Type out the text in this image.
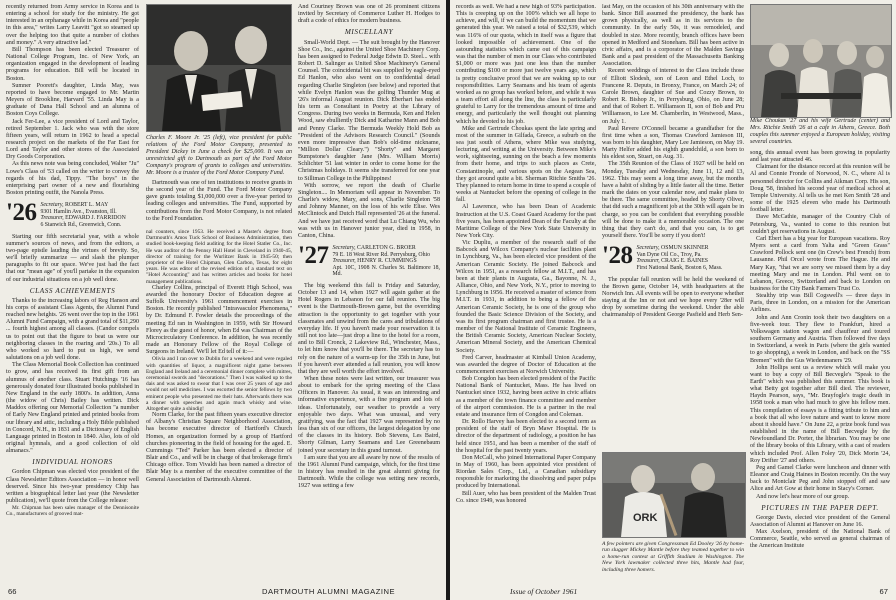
recently returned from Army service in Korea and is entering a school for study for the ministry. He got interested in an orphanage while in Korea and "people in this area," writes Larry Leavitt "got so steamed up over the helping too that quite a number of clothes and money." A very attractive lad."

Bill Thompson has been elected Treasurer of National College Program, Inc. of New York, an organization engaged in the development of leading programs for education. Bill will be located in Boston.

Sumner Poorett's daughter, Linda May, was reported to have become engaged to Mr. Martin Meyers of Brookline, Harvard '55. Linda May is a graduate of Dana Hall School and an alumna of Boston Coys College.

Jack Fer-Lee, a vice president of Lord and Taylor, retired September 1. Jack who was with the store fifteen years, will return in 1962 to head a special research project on the markets of the Far East for Lord and Taylor and other stores of the Associated Dry Goods Corporation.

As this news note was being concluded, Walter "Ju" Lowe's Class of '53 called on the writer to convey the regards of his dad, Tippy. "The boys" in the enterprising part owner of a new and flourishing Boston printing outfit, the Nanola Press.

'26 Secretary, ROBERT L. MAY
9301 Hamlin Ave., Evanston, Ill.
Treasurer, EDWARD J. FARRIDON
6 Stanwich Rd., Greenwich, Conn.

Starting our fifth secretarial year, with a whole summer's sources of news, and from the editors, a two-page epistle lauding the virtues of brevity. So, we'll briefly summarize — and slash the plumper paragraphs to fit our space. We've just had the fact that our "mean age" of you'll partake in the expansion of our industrial situations on a job well done.

CLASS ACHIEVEMENTS

Thanks to the increasing labors of Reg Hanson and his corps of assistant Class Agents, the Alumni Fund reached new heights. '26 went over the top in the 1961 Alumni Fund Campaign, with a grand total of $11,290 ... fourth highest among all classes. (Candor compels us to point out that the figure to beat us were our neighboring classes in the roaring and '20s.) To all who worked so hard to put us high, we send salutations on a job well done.

The Class Memorial Book Collection has continued to grow, and has received its first gift from an alumnus of another class. Stuart Hutchings '16 has generously donated four illustrated books published in New England in the early 1800's. In addition, Anna (the widow of Chris) Bailey has written. Dick Maddox offering our Memorial Collection "a number of Early New England printed and printed books from our library and attic, including a Holy Bible published in Concord, N.H., in 1831 and a Dictionary of English Language printed in Boston in 1840. Also, lots of old original hymnals, and a good collection of old almanacs."

INDIVIDUAL HONORS

Gordon Chipman was elected vice president of the Class Newsletter Editors Association — in honor well deserved. Since his two-year presidency Chip has written a biographical letter last year (the Newsletter publication), we'll quote from the College release:

Mr. Chipman has been sales manager of the Dennisonite Co., manufacturers of grooved mat-

Charles F. Moore Jr. '25 (left), vice president for public relations of the Ford Motor Company, presented to President Dickey in June a check for $25,000. It was an unrestricted gift to Dartmouth as part of the Ford Motor Company's program of grants to colleges and universities. Mr. Moore is a trustee of the Ford Motor Company Fund.

Dartmouth was one of ten institutions to receive grants in the second year of the Fund. The Ford Motor Company gave grants totaling $1,000,000 over a five-year period to leading colleges and universities. The Fund, supported by contributions from the Ford Motor Company, is not related to the Ford Foundation.

nal counters, since 1953. He received a Master's degree from Dartmouth's Amos Tuck School of Business Administration, then studied book-keeping field auditing for the Hotel Statler Co., Inc. He was auditor of the Pennsy Hall Hotel in Cleveland in 1940-45, director of training for the Wurlitzer Bank in 1945-50; then proprietor of the Hotel Chipman, Glen Carbon, Texas, for eight years. He was editor of the revised edition of a standard text on "Hotel Accounting" and has written articles and books for hotel management publications.

Charley Collins, principal of Everett High School, was awarded the honorary Doctor of Education degree at Suffolk University's 1961 commencement exercises in Boston. He recently published "Intravasculor Phenomena," by Dr. Edmund F. Fowler details the proceedings of the meeting Ed ran in Washington in 1959, with Sir Howard Florey as the guest of honor, when Ed was Chairman of the Microcirculatory Conference. In addition, he was recently made an Honorary Fellow of the Royal College of Surgeons in Ireland. We'll let Ed tell of it:—

Olivia and I ran over to Dublin for a weekend and were regaled with quantities of liquor, a magnificent night game between England and Ireland and a ceremonial dinner complete with mitres, ceremonial swords and "decorations." Then I was walked up to the dais and was asked to swear that I was over 25 years of age and would not sell medicines. I was escorted the senior fellows by two eminent people who presented me their hats. Afterwards there was a dinner with speeches and again much whisky and wine. Altogether quite a shindig!

Norm Clarke, for the past fifteen years executive director of Albany's Christian Square Neighborhood Association, has become executive director of Hartford's Church Homes, an organization formed by a group of Hartford churches pioneering in the field of housing for the aged. E. Cummings "Ted" Parker has been elected a director of Blair and Co., and will be in charge of that brokerage firm's Chicago office. Tom Vivaldi has been named a director of Blair May is a member of the executive committee of the General Association of Dartmouth Alumni.

And Courtney Brown was one of 26 prominent citizens invited by Secretary of Commerce Luther H. Hodges to draft a code of ethics for modern business.

MISCELLANY

Small-World Dept. — The suit brought by the Hanover Shoe Co., Inc., against the United Shoe Machinery Corp. has been assigned to Federal Judge Edwin D. Steel... with Robert D. Salinger as United Shoe Machinery's General Counsel. The coincidental bit was supplied by eagle-eyed Ed Hanlon, who also went on to confidential detail regarding Charlie Singleton (see below) and reported that while Evelyn Hanlon was the golfing Thunder Mug at '26's informal August reunion. Dick Eberhart has ended his term as Consultant in Poetry at the Library of Congress. During two weeks in Bermuda, Ken and Helen Wood, saw ebulliently Dick and Katharine Mann and Bob and Penny Clarke. The Bermuda Weekly Hold Bob as "President of the Advisors Research Council." (Sounds even more impressive than Bob's old-time nickname, "Million Dollar Cleary.") "Shorty" and Margaret Bumpstone's daughter Jane (Mrs. William Morris) Schlichter '51 last winter in order to come home for the Christmas holidays. It seems she transferred for one year to Silliman College in the Philippines!

With sorrow, we report the death of Charlie Singleton.... In Memoriam will appear in November. To Charlie's widow, Mary, and sons, Charlie Singleton '58 and Johnny Manner, on the loss of his wife Elise. Wes McClintock and Dutch Hall represented '26 at the funeral. And we have just received word that Lu Chiang Wu, who was with us in Hanover junior year, died in 1958, in Canton, China.

'27 Secretary, CARLETON G. BROER
79 E. 18 West River Rd. Perrysburg, Ohio
Treasurer, HENRY R. CUMMINGS
Apt. 10C, 1908 N. Charles St. Baltimore 18, Md.

The big weekend this fall is Friday and Saturday, October 13 and 14, when 1927 will again gather at the Hotel Rogers in Lebanon for our fall reunion. The big event is the Dartmouth-Brown game, but the overriding attraction is the opportunity to get together with your classmates and unwind from the cares and tribulations of everyday life. If you haven't made your reservation it is still not too late—just drop a line to the hotel for a room, and to Bill Cronck, 2 Lakeview Rd., Winchester, Mass., to let him know that you'll be there. The secretary has to rely on the nature of a warm-up for the 35th in June, but if you haven't ever attended a fall reunion, you will know that they are well worth the effort involved.

When these notes were last written, our treasurer was about to embark for the spring meeting of the Class Officers in Hanover. As usual, it was an interesting and informative experience, with a fine program and lots of ideas. Unfortunately, our weather to provide a very enjoyable two days. What was unusual, and very gratifying, was the fact that 1927 was represented by no less than six of our officers, the largest delegation by one of the classes in its history. Bob Stevens, Les Baird, Shorty Gilman, Larry Seamans and Lee Greenebaum joined your secretary in this grand turnout.

I am sure that you are all aware by now of the results of the 1961 Alumni Fund campaign, which, for the first time in history has resulted in the great alumni giving for Dartmouth. While the college was setting new records, 1927 was setting a few

66	DARTMOUTH ALUMNI MAGAZINE

records as well. We had a new high of 93% participation. This is creeping up on the 100% which we all hope to achieve, and will, if we can build the momentum that we generated this year. We raised a total of $32,539, which was 116% of our quota, which in itself was a figure that looked impossible of achievement. One of the astounding statistics which came out of this campaign was that the number of men in our Class who contributed $1,000 or more was just one less than the number contributing $100 or more just twelve years ago, which is pretty conclusive proof that we are waking up to our responsibilities. Larry Seamans and his team of agents worked as no group has worked before, and while it was a team effort all along the line, the class is particularly grateful to Larry for the tremendous amount of time and energy, and particularly the well thought out planning which he devoted to his job.

Mike and Gertrude Choukas spent the late spring and most of the summer in Gilfada, Greece, a suburb on the sea just south of Athens, where Mike was studying, lecturing, and writing at the University. Between Mike's work, sightseeing, sunning on the beach a few moments from their home, and trips to such places as Crete, Constantinople, and various spots on the Aegean Sea, they got around quite a bit. Sherman Ritchie Smiths '26. They planned to return home in time to spend a couple of weeks at Nantucket before the opening of college in the fall.

Al Lawrence, who has been Dean of Academic Instruction at the U.S. Coast Guard Academy for the past five years, has been appointed Dean of the Faculty at the Maritime College of the New York State University in New York City.

Vic Dupliu, a member of the research staff of the Babcock and Wilcox Company's nuclear facilities plant in Lynchburg, Va., has been elected vice president of the American Ceramic Society. He joined Babcock and Wilcox in 1951, as a research fellow at M.I.T., and has been at their plants in Augusta, Ga., Bayonne, N. J., Alliance, Ohio, and New York, N.Y., prior to moving to Lynchburg in 1956. He received a master of science from M.I.T. in 1931, in addition to being a fellow of the American Ceramic Society, he is one of the group who founded the Basic Science Division of the Society, and was its first program chairman and first trustee. He is a member of the National Institute of Ceramic Engineers, the British Ceramic Society, American Nuclear Society, American Mineral Society, and the American Chemical Society.

Fred Carver, headmaster at Kimball Union Academy, was awarded the degree of Doctor of Education at the commencement exercises at Norwich University.

Bob Congdon has been elected president of the Pacific National Bank of Nantucket, Mass. He has lived on Nantucket since 1932, having been active in civic affairs as a member of the town finance committee and member of the airport commission. He is a partner in the real estate and insurance firm of Congdon and Coleman.

Dr. Rollo Harvey has been elected to a second term as president of the staff of Bryn Mawr Hospital. He is director of the department of radiology, a position he has held since 1951, and has been a member of the staff of the hospital for the past twenty years.

Don McCall, who joined International Paper Company in May of 1960, has been appointed vice president of Riordan Sales Corp., Ltd., a Canadian subsidiary responsible for marketing the dissolving and paper pulps produced by International.

Bill Auer, who has been president of the Malden Trust Co. since 1949, was honored

last May, on the occasion of his 30th anniversary with the bank. Since Bill assumed the presidency, the bank has grown physically, as well as in its services to the community. In the early 50s, it was remodeled, and doubled in size. More recently, branch offices have been opened in Medford and Stoneham. Bill has been active in civic affairs, and is a corporator of the Malden Savings Bank and a past president of the Massachusetts Banking Association.

Recent weddings of interest to the Class include those of Elliott Slodesh, son of Leon and Ethel Loch, to Francene R. Deputs, in Bronxy, France, on March 24; of Carole Brown, daughter of Sue and Cozzy Brown, to Robert R. Bishop Jr., in Perrysburg, Ohio, on June 28; and that of Robert E. Williamson II, son of Bob and Pru Williamson, to Lee M. Chamberlin, in Westwood, Mass., on July 1.

Paul Revere O'Connell became a grandfather for the first time when a son, Thomas Crawford Jamieson III, was born to his daughter, Mary Lee Jamieson, on May 19. Marty Helfer added his eighth grandchild, a son born to his eldest son, Stuart, on Aug. 31.

The 35th Reunion of the Class of 1927 will be held on Monday, Tuesday and Wednesday, June 11, 12 and 13, 1962. This may seem a long time away, but the months have a habit of sliding by a little faster all the time. Better mark the dates on your calendar now, and make plans to be there. The same committee, headed by Shorty Oliver, that did such a magnificent job at the 30th will again be in charge, so you can be confident that everything possible will be done to make it a memorable occasion. The one thing that they can't do, and that you can, is to get yourself there. You'll be sorry if you don't!

'28 Secretary, OSMUN SKINNER
Van Dyne Oil Co., Troy, Pa.
Treasurer, CRAIG E. BAINES
First National Bank, Boston 6, Mass.

The popular fall reunion will be held the weekend of the Brown game, October 14, with headquarters at the Norwich Inn. All events will be open to everyone whether staying at the Inn or not and we hope every '28er will drop by sometime during the weekend. Under the able chairmanship of President George Pasfield and Herb Sen-

ORK
A few pointers are given Congressman Ed Dooley '26 by home-run slugger Mickey Mantle before they teamed together to win a home-run contest at Griffith Stadium in Washington. The New York lawmaker collected three hits, Mantle had four, including three homers.
Mike Choukas '27 and his wife Gertrude (center) and Mrs. Ritchie Smith '26 at a cafe in Athens, Greece. Both couples this summer enjoyed a European holiday, visiting several countries.

song, this annual event has been growing in popularity and last year attracted 46.

Claimant for the distance record at this reunion will be Al and Connie Fronde of Norwood, N. C., where Al is personnel director for Collins and Aikman Corp. His son, Doug '58, finished his second year of medical school at Temple University. Al tells us he met Ken Smith '28 and some of the 1925 eleven who made his Dartmouth football letter.

Dave McCathie, manager of the Country Club of Petersburg, Va., wanted to come to this reunion but couldn't get reservations in August.

Carl Ebert has a big year for European vacations. Roy Myers sent a card from Yalta and "Green Grass" Crawford Pollock sent one (in Crew's best French) from Lausanne. Phil Orcel wrote from The Hague. He and Mary Kay, "that we are sorry we missed them by a day meeting Mary and me in London. Phil went on to Lebanon, Greece, Switzerland and back to London on business for the City Bank Farmers Trust Co.

Stealthy trip was Bill Cogswell's — three days in Paris, three in London, on a mission for the American Airlines.

John and Ann Cronin took their two daughters on a five-week tour. They flew to Frankfurt, hired a Volkswagen station wagon and chauffeur and toured southern Germany and Austria. Then followed five days in Switzerland, a week in Paris (where the girls wanted to go shopping), a week in London, and back on the "SS Bremen" with the Gus Wiedenmaners '29.

John Hollips sent us a review which will make you want to buy a copy of Bill Becvegle's "Speak to the Earth" which was published this summer. This book is what Betty got together after Bill died. The reviewer, Haydn Pearson, says, "Mr. Brayfogle's tragic death in 1958 took a man who had much to give his fellow men. This compilation of essays is a fitting tribute to him and a book that all who love nature and want to know more about it should have." On June 22, a prize book fund was established in the name of Bill Becvegle by the Newfoundland Dr. Porter, the librarian. You may be one of the library books of this Library, with a cast of readers which included Prof. Allen Foley '20, Dick Morin '24, Roy Drifter '27 and others.

Peg and Gamel Clarke were luncheon and dinner with Eleanor and Craig Haines in Boston recently. On the way back to Montclair Peg and John stopped off and saw Alice and Art Gow at their home in Stacy's Corner.

And now let's hear more of our group.

PICTURES IN THE PAPER DEPT.

George Davis, elected vice president of the General Association of Alumni at Hanover on June 16.

Max Axelson, president of the National Bank of Commerce, Seattle, who served as general chairman of the American Institute

Issue of October 1961	67
